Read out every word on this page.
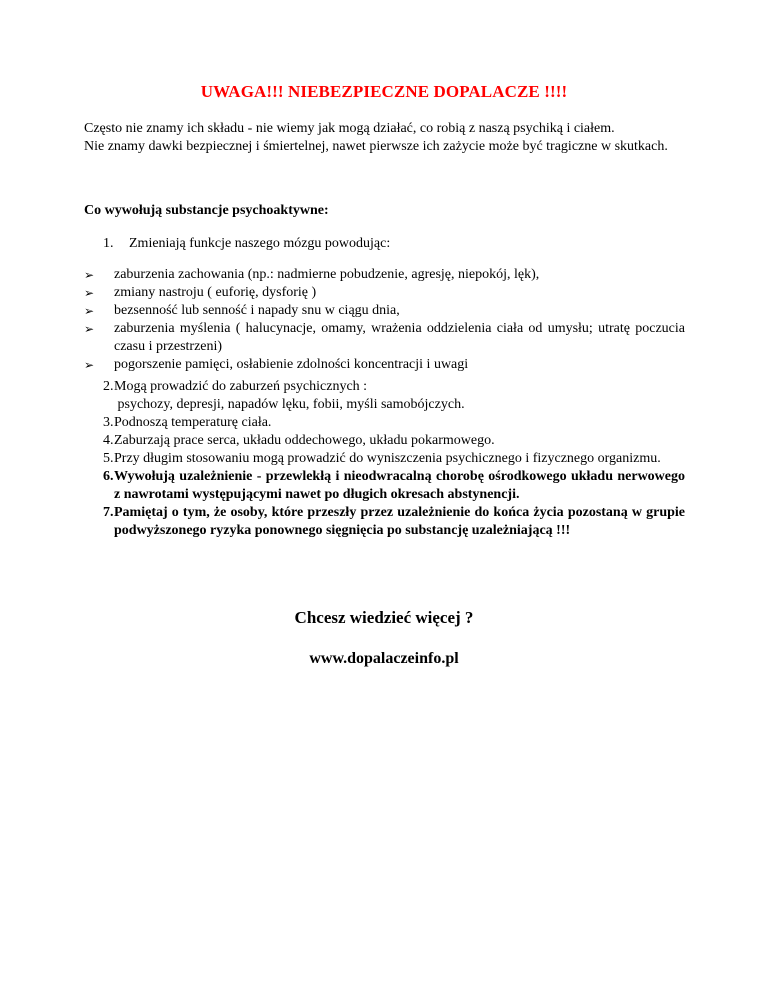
UWAGA!!! NIEBEZPIECZNE DOPALACZE !!!!

Często nie znamy ich składu - nie wiemy jak mogą działać, co robią z naszą psychiką i ciałem.

Nie znamy dawki bezpiecznej i śmiertelnej, nawet pierwsze ich zażycie może być tragiczne w skutkach.

Co wywołują substancje psychoaktywne:
1. Zmieniają funkcje naszego mózgu powodując:
➢ zaburzenia zachowania (np.: nadmierne pobudzenie, agresję, niepokój, lęk),
➢ zmiany nastroju ( euforię, dysforię )
➢ bezsenność lub senność i napady snu w ciągu dnia,
➢ zaburzenia myślenia ( halucynacje, omamy, wrażenia oddzielenia ciała od umysłu; utratę poczucia czasu i przestrzeni)
➢ pogorszenie pamięci, osłabienie zdolności koncentracji i uwagi
2. Mogą prowadzić do zaburzeń psychicznych :
psychozy, depresji, napadów lęku, fobii, myśli samobójczych.
3. Podnoszą temperaturę ciała.
4. Zaburzają prace serca, układu oddechowego, układu pokarmowego.
5. Przy długim stosowaniu mogą prowadzić do wyniszczenia psychicznego i fizycznego organizmu.
6. Wywołują uzależnienie - przewlekłą i nieodwracalną chorobę ośrodkowego układu nerwowego z nawrotami występującymi nawet po długich okresach abstynencji.
7. Pamiętaj o tym, że osoby, które przeszły przez uzależnienie do końca życia pozostaną w grupie podwyższonego ryzyka ponownego sięgnięcia po substancję uzależniającą !!!
Chcesz wiedzieć więcej ?
www.dopalaczeinfo.pl
